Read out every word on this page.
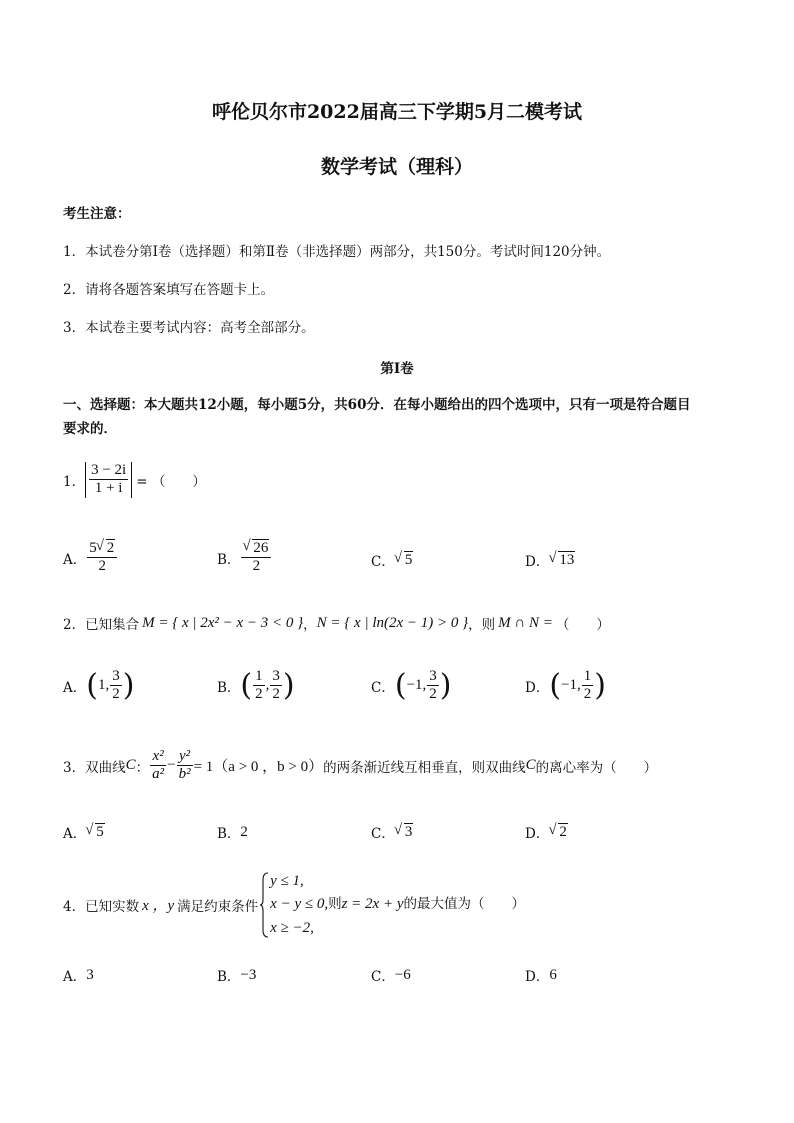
呼伦贝尔市2022届高三下学期5月二模考试
数学考试（理科）
考生注意：
1．本试卷分第Ⅰ卷（选择题）和第Ⅱ卷（非选择题）两部分，共150分。考试时间120分钟。
2．请将各题答案填写在答题卡上。
3．本试卷主要考试内容：高考全部部分。
第Ⅰ卷
一、选择题：本大题共12小题，每小题5分，共60分．在每小题给出的四个选项中，只有一项是符合题目
要求的．
1． $\frac{3 - 2i}{1 + i}$ = （　　）
A． $\frac{5 √ 2}{2}$	B． √ $\frac{26}{2}$	C． √ 5	D． √ 13
2． 已知集合 M = { x | 2x² − x − 3 < 0 } ， N = { x | ln(2x − 1) > 0 } ，则 M ∩ N = （　　）
A． ( 1, $\frac{3}{2}$ )	B． ( $\frac{1}{2}$ , $\frac{3}{2}$ )	C． ( −1, $\frac{3}{2}$ )	D． ( −1, $\frac{1}{2}$ )
3． 双曲线 C ： $\frac{\text{x²}}{\text{a²}} - \frac{\text{y²}}{\text{b²}} = 1(a > 0$ ，b > 0） 的两条渐近线互相垂直，则双曲线 C 的离心率为（　　）
A． √ 5	B． 2	C． √ 3	D． √ 2
4． 已知实数 x ，y 满足约束条件
y ≤ 1,
x − y ≤ 0,则z = 2x + y的最大值为（　　）
x ≥ −2,
A． 3	B． −3	C． −6	D． 6
